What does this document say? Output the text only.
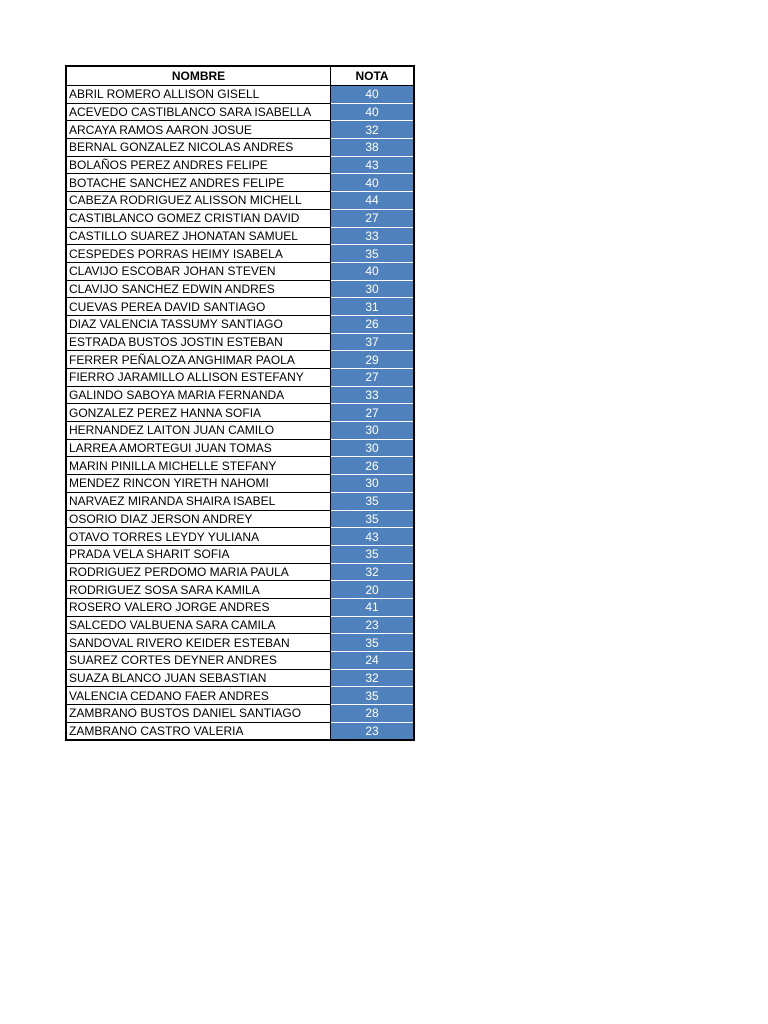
NOMBRE	NOTA
ABRIL ROMERO ALLISON GISELL	40
ACEVEDO CASTIBLANCO SARA ISABELLA	40
ARCAYA RAMOS AARON JOSUE	32
BERNAL GONZALEZ NICOLAS ANDRES	38
BOLAÑOS PEREZ ANDRES FELIPE	43
BOTACHE SANCHEZ ANDRES FELIPE	40
CABEZA RODRIGUEZ ALISSON MICHELL	44
CASTIBLANCO GOMEZ CRISTIAN DAVID	27
CASTILLO SUAREZ JHONATAN SAMUEL	33
CESPEDES PORRAS HEIMY ISABELA	35
CLAVIJO ESCOBAR JOHAN STEVEN	40
CLAVIJO SANCHEZ EDWIN ANDRES	30
CUEVAS PEREA DAVID SANTIAGO	31
DIAZ VALENCIA TASSUMY SANTIAGO	26
ESTRADA BUSTOS JOSTIN ESTEBAN	37
FERRER PEÑALOZA ANGHIMAR PAOLA	29
FIERRO JARAMILLO ALLISON ESTEFANY	27
GALINDO SABOYA MARIA FERNANDA	33
GONZALEZ PEREZ HANNA SOFIA	27
HERNANDEZ LAITON JUAN CAMILO	30
LARREA AMORTEGUI JUAN TOMAS	30
MARIN PINILLA MICHELLE STEFANY	26
MENDEZ RINCON YIRETH NAHOMI	30
NARVAEZ MIRANDA SHAIRA ISABEL	35
OSORIO DIAZ JERSON ANDREY	35
OTAVO TORRES LEYDY YULIANA	43
PRADA VELA SHARIT SOFIA	35
RODRIGUEZ PERDOMO MARIA PAULA	32
RODRIGUEZ SOSA SARA KAMILA	20
ROSERO VALERO JORGE ANDRES	41
SALCEDO VALBUENA SARA CAMILA	23
SANDOVAL RIVERO KEIDER ESTEBAN	35
SUAREZ CORTES DEYNER ANDRES	24
SUAZA BLANCO JUAN SEBASTIAN	32
VALENCIA CEDANO FAER ANDRES	35
ZAMBRANO BUSTOS DANIEL SANTIAGO	28
ZAMBRANO CASTRO VALERIA	23
